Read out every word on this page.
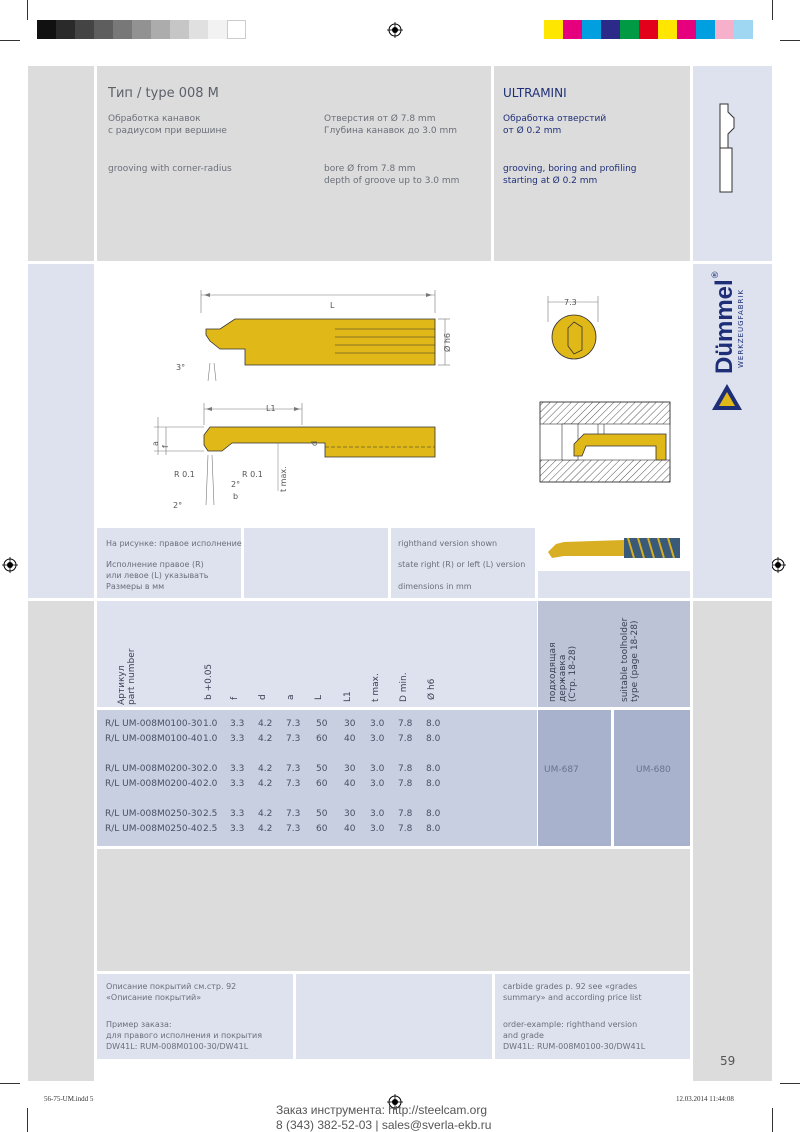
Тип / type 008 M
Обработка канавок
с радиусом при вершине
grooving with corner-radius
Отверстия от Ø 7.8 mm
Глубина канавок до 3.0 mm
bore Ø from 7.8 mm
depth of groove up to 3.0 mm
ULTRAMINI
Обработка отверстий
от Ø 0.2 mm
grooving, boring and profiling
starting at Ø 0.2 mm
Dümmel®
WERKZEUGFABRIK
L
Ø h6
3°
L1
a
f
d
R 0.1	R 0.1 t max.
2°
b
2°
7.3
На рисунке: правое исполнение
Исполнение правое (R)
или левое (L) указывать
Размеры в мм
righthand version shown
state right (R) or left (L) version
dimensions in mm
Артикул part number	b +0.05 f d a L L1 t max. D min. Ø h6	подходящая державка (Стр. 18-28)	suitable toolholder type (page 18-28)
R/L UM-008M0100-30 1.0 3.3 4.2 7.3 50 30 3.0 7.8 8.0
R/L UM-008M0100-40 1.0 3.3 4.2 7.3 60 40 3.0 7.8 8.0
R/L UM-008M0200-30 2.0 3.3 4.2 7.3 50 30 3.0 7.8 8.0
R/L UM-008M0200-40 2.0 3.3 4.2 7.3 60 40 3.0 7.8 8.0
R/L UM-008M0250-30 2.5 3.3 4.2 7.3 50 30 3.0 7.8 8.0
R/L UM-008M0250-40 2.5 3.3 4.2 7.3 60 40 3.0 7.8 8.0
UM-687	UM-680
Описание покрытий см.стр. 92
«Описание покрытий»
Пример заказа:
для правого исполнения и покрытия
DW41L: RUM-008M0100-30/DW41L
carbide grades p. 92 see «grades
summary» and according price list
order-example: righthand version
and grade
DW41L: RUM-008M0100-30/DW41L
59
56-75-UM.indd 5	12.03.2014 11:44:08
Заказ инструмента: http://steelcam.org
8 (343) 382-52-03 | sales@sverla-ekb.ru
